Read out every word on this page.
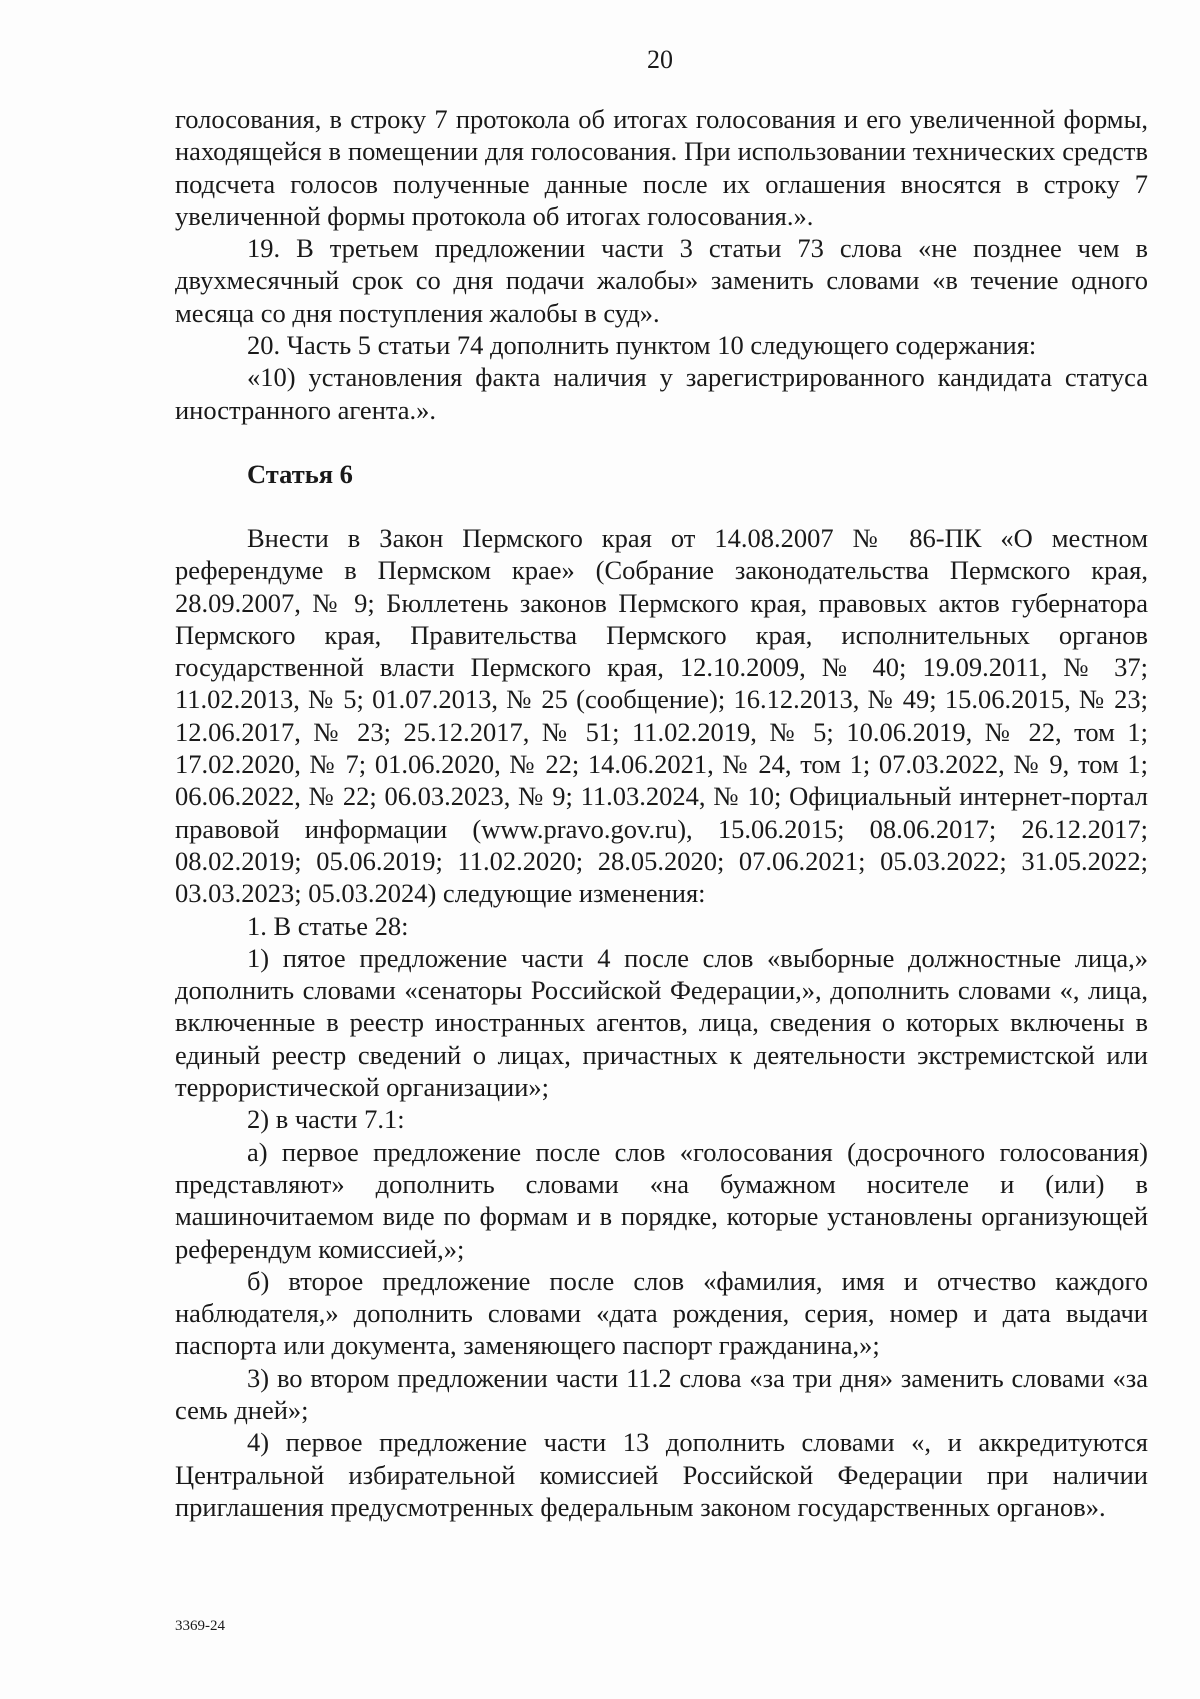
20

голосования, в строку 7 протокола об итогах голосования и его увеличенной формы, находящейся в помещении для голосования. При использовании технических средств подсчета голосов полученные данные после их оглашения вносятся в строку 7 увеличенной формы протокола об итогах голосования.».

19. В третьем предложении части 3 статьи 73 слова «не позднее чем в двухмесячный срок со дня подачи жалобы» заменить словами «в течение одного месяца со дня поступления жалобы в суд».

20. Часть 5 статьи 74 дополнить пунктом 10 следующего содержания:

«10) установления факта наличия у зарегистрированного кандидата статуса иностранного агента.».

Статья 6

Внести в Закон Пермского края от 14.08.2007 № 86-ПК «О местном референдуме в Пермском крае» (Собрание законодательства Пермского края, 28.09.2007, № 9; Бюллетень законов Пермского края, правовых актов губернатора Пермского края, Правительства Пермского края, исполнительных органов государственной власти Пермского края, 12.10.2009, № 40; 19.09.2011, № 37; 11.02.2013, № 5; 01.07.2013, № 25 (сообщение); 16.12.2013, № 49; 15.06.2015, № 23; 12.06.2017, № 23; 25.12.2017, № 51; 11.02.2019, № 5; 10.06.2019, № 22, том 1; 17.02.2020, № 7; 01.06.2020, № 22; 14.06.2021, № 24, том 1; 07.03.2022, № 9, том 1; 06.06.2022, № 22; 06.03.2023, № 9; 11.03.2024, № 10; Официальный интернет-портал правовой информации (www.pravo.gov.ru), 15.06.2015; 08.06.2017; 26.12.2017; 08.02.2019; 05.06.2019; 11.02.2020; 28.05.2020; 07.06.2021; 05.03.2022; 31.05.2022; 03.03.2023; 05.03.2024) следующие изменения:

1. В статье 28:

1) пятое предложение части 4 после слов «выборные должностные лица,» дополнить словами «сенаторы Российской Федерации,», дополнить словами «, лица, включенные в реестр иностранных агентов, лица, сведения о которых включены в единый реестр сведений о лицах, причастных к деятельности экстремистской или террористической организации»;

2) в части 7.1:

а) первое предложение после слов «голосования (досрочного голосования) представляют» дополнить словами «на бумажном носителе и (или) в машиночитаемом виде по формам и в порядке, которые установлены организующей референдум комиссией,»;

б) второе предложение после слов «фамилия, имя и отчество каждого наблюдателя,» дополнить словами «дата рождения, серия, номер и дата выдачи паспорта или документа, заменяющего паспорт гражданина,»;

3) во втором предложении части 11.2 слова «за три дня» заменить словами «за семь дней»;

4) первое предложение части 13 дополнить словами «, и аккредитуются Центральной избирательной комиссией Российской Федерации при наличии приглашения предусмотренных федеральным законом государственных органов».

3369-24
